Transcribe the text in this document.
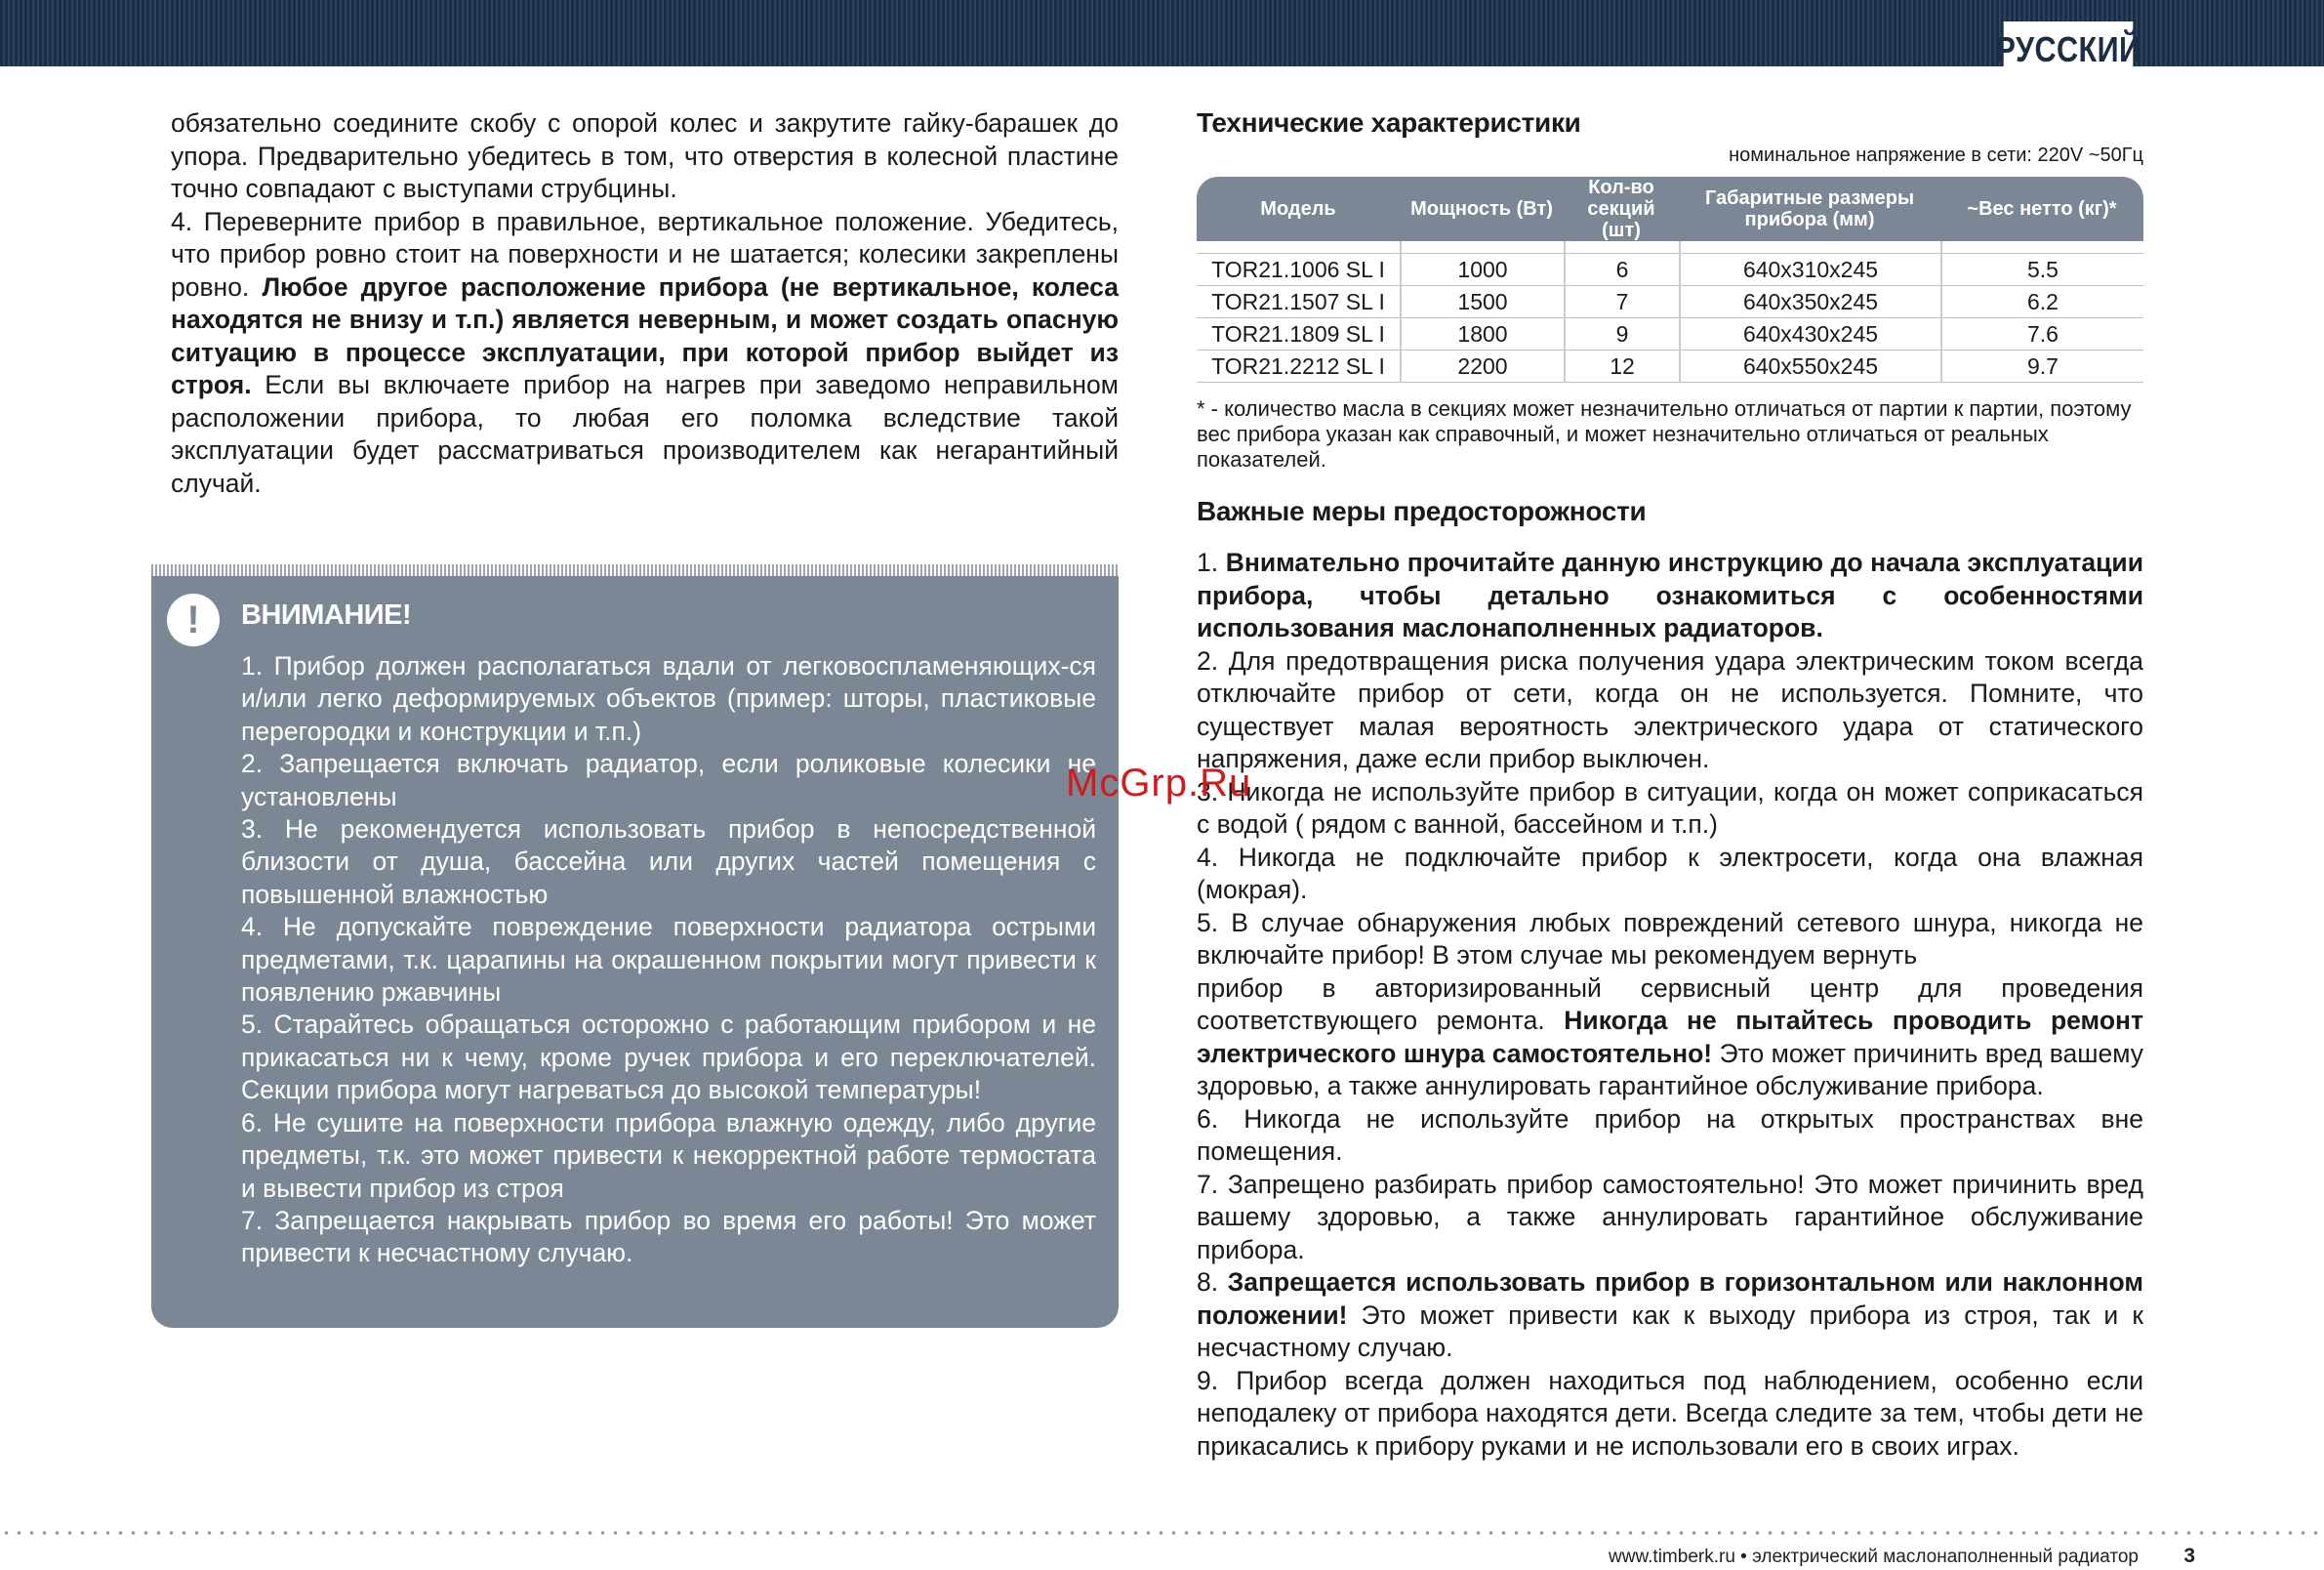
РУССКИЙ

обязательно соедините скобу с опорой колес и закрутите гайку-барашек до упора. Предварительно убедитесь в том, что отверстия в колесной пластине точно совпадают с выступами струбцины.

4. Переверните прибор в правильное, вертикальное положение. Убедитесь, что прибор ровно стоит на поверхности и не шатается; колесики закреплены ровно. Любое другое расположение прибора (не вертикальное, колеса находятся не внизу и т.п.) является неверным, и может создать опасную ситуацию в процессе эксплуатации, при которой прибор выйдет из строя. Если вы включаете прибор на нагрев при заведомо неправильном расположении прибора, то любая его поломка вследствие такой эксплуатации будет рассматриваться производителем как негарантийный случай.

!	ВНИМАНИЕ!

1. Прибор должен располагаться вдали от легковоспламеняющих-ся и/или легко деформируемых объектов (пример: шторы, пластиковые перегородки и конструкции и т.п.)

2. Запрещается включать радиатор, если роликовые колесики не установлены

3. Не рекомендуется использовать прибор в непосредственной близости от душа, бассейна или других частей помещения с повышенной влажностью

4. Не допускайте повреждение поверхности радиатора острыми предметами, т.к. царапины на окрашенном покрытии могут привести к появлению ржавчины

5. Старайтесь обращаться осторожно с работающим прибором и не прикасаться ни к чему, кроме ручек прибора и его переключателей. Секции прибора могут нагреваться до высокой температуры!

6. Не сушите на поверхности прибора влажную одежду, либо другие предметы, т.к. это может привести к некорректной работе термостата и вывести прибор из строя

7. Запрещается накрывать прибор во время его работы! Это может привести к несчастному случаю.

Технические характеристики
номинальное напряжение в сети: 220V ~50Гц
Модель	Мощность (Вт)	Кол-во секций (шт)	Габаритные размеры прибора (мм)	~Вес нетто (кг)*

TOR21.1006 SL I	1000	6	640x310x245	5.5
TOR21.1507 SL I	1500	7	640x350x245	6.2
TOR21.1809 SL I	1800	9	640x430x245	7.6
TOR21.2212 SL I	2200	12	640x550x245	9.7

* - количество масла в секциях может незначительно отличаться от партии к партии, поэтому вес прибора указан как справочный, и может незначительно отличаться от реальных показателей.

Важные меры предосторожности

1. Внимательно прочитайте данную инструкцию до начала эксплуатации прибора, чтобы детально ознакомиться с особенностями использования маслонаполненных радиаторов.

2. Для предотвращения риска получения удара электрическим током всегда отключайте прибор от сети, когда он не используется. Помните, что существует малая вероятность электрического удара от статического напряжения, даже если прибор выключен.

3. Никогда не используйте прибор в ситуации, когда он может соприкасаться с водой ( рядом с ванной, бассейном и т.п.)

4. Никогда не подключайте прибор к электросети, когда она влажная (мокрая).

5. В случае обнаружения любых повреждений сетевого шнура, никогда не включайте прибор! В этом случае мы рекомендуем вернуть

прибор в авторизированный сервисный центр для проведения соответствующего ремонта. Никогда не пытайтесь проводить ремонт электрического шнура самостоятельно! Это может причинить вред вашему здоровью, а также аннулировать гарантийное обслуживание прибора.

6. Никогда не используйте прибор на открытых пространствах вне помещения.

7. Запрещено разбирать прибор самостоятельно! Это может причинить вред вашему здоровью, а также аннулировать гарантийное обслуживание прибора.

8. Запрещается использовать прибор в горизонтальном или наклонном положении! Это может привести как к выходу прибора из строя, так и к несчастному случаю.

9. Прибор всегда должен находиться под наблюдением, особенно если неподалеку от прибора находятся дети. Всегда следите за тем, чтобы дети не прикасались к прибору руками и не использовали его в своих играх.

McGrp.Ru
www.timberk.ru • электрический маслонаполненный радиатор 3
